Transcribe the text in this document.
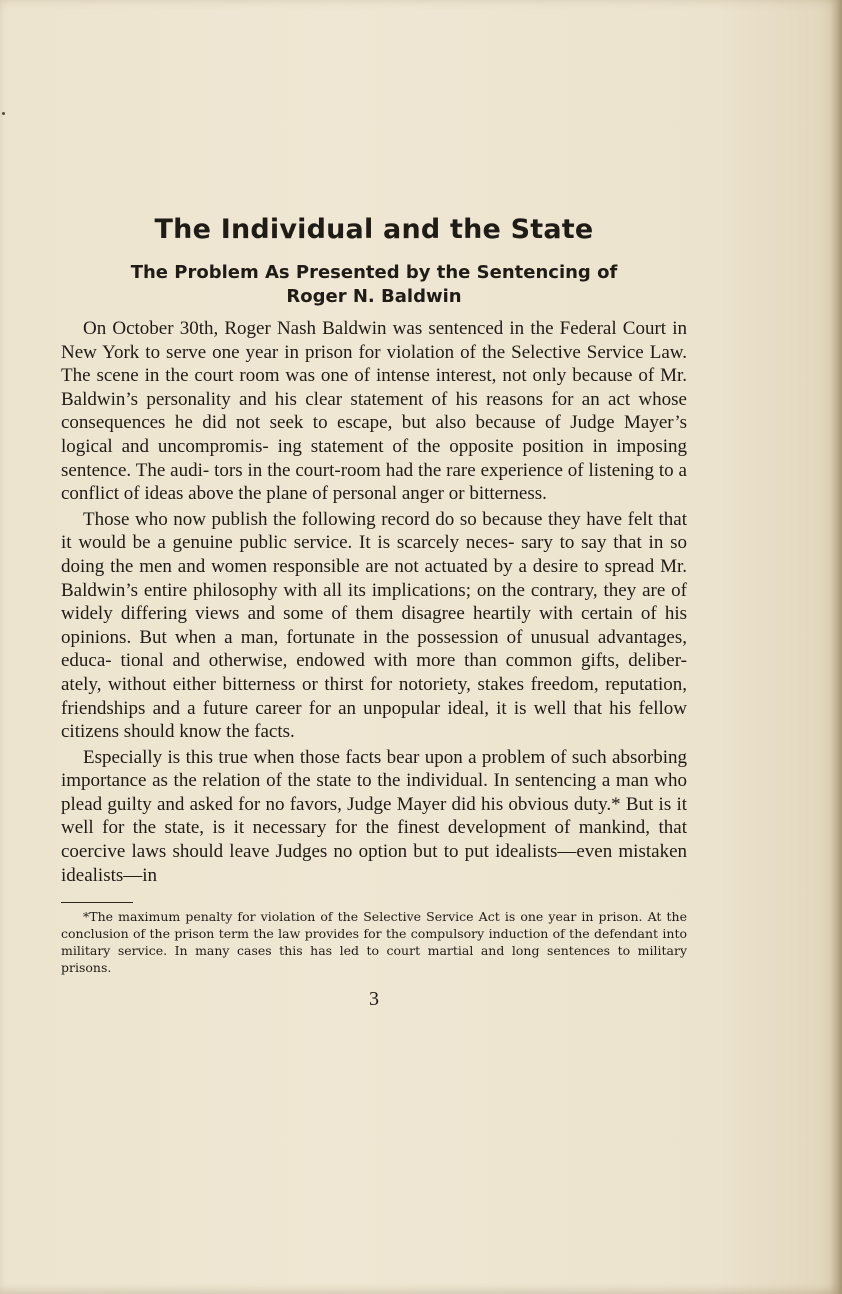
The Individual and the State
The Problem As Presented by the Sentencing of
Roger N. Baldwin

On October 30th, Roger Nash Baldwin was sentenced in the Federal Court in New York to serve one year in prison for violation of the Selective Service Law. The scene in the court room was one of intense interest, not only because of Mr. Baldwin’s personality and his clear statement of his reasons for an act whose consequences he did not seek to escape, but also because of Judge Mayer’s logical and uncompromis- ing statement of the opposite position in imposing sentence. The audi- tors in the court-room had the rare experience of listening to a conflict of ideas above the plane of personal anger or bitterness.

Those who now publish the following record do so because they have felt that it would be a genuine public service. It is scarcely neces- sary to say that in so doing the men and women responsible are not actuated by a desire to spread Mr. Baldwin’s entire philosophy with all its implications; on the contrary, they are of widely differing views and some of them disagree heartily with certain of his opinions. But when a man, fortunate in the possession of unusual advantages, educa- tional and otherwise, endowed with more than common gifts, deliber- ately, without either bitterness or thirst for notoriety, stakes freedom, reputation, friendships and a future career for an unpopular ideal, it is well that his fellow citizens should know the facts.

Especially is this true when those facts bear upon a problem of such absorbing importance as the relation of the state to the individual. In sentencing a man who plead guilty and asked for no favors, Judge Mayer did his obvious duty.* But is it well for the state, is it necessary for the finest development of mankind, that coercive laws should leave Judges no option but to put idealists—even mistaken idealists—in

*The maximum penalty for violation of the Selective Service Act is one year in prison. At the conclusion of the prison term the law provides for the compulsory induction of the defendant into military service. In many cases this has led to court martial and long sentences to military prisons.

3
